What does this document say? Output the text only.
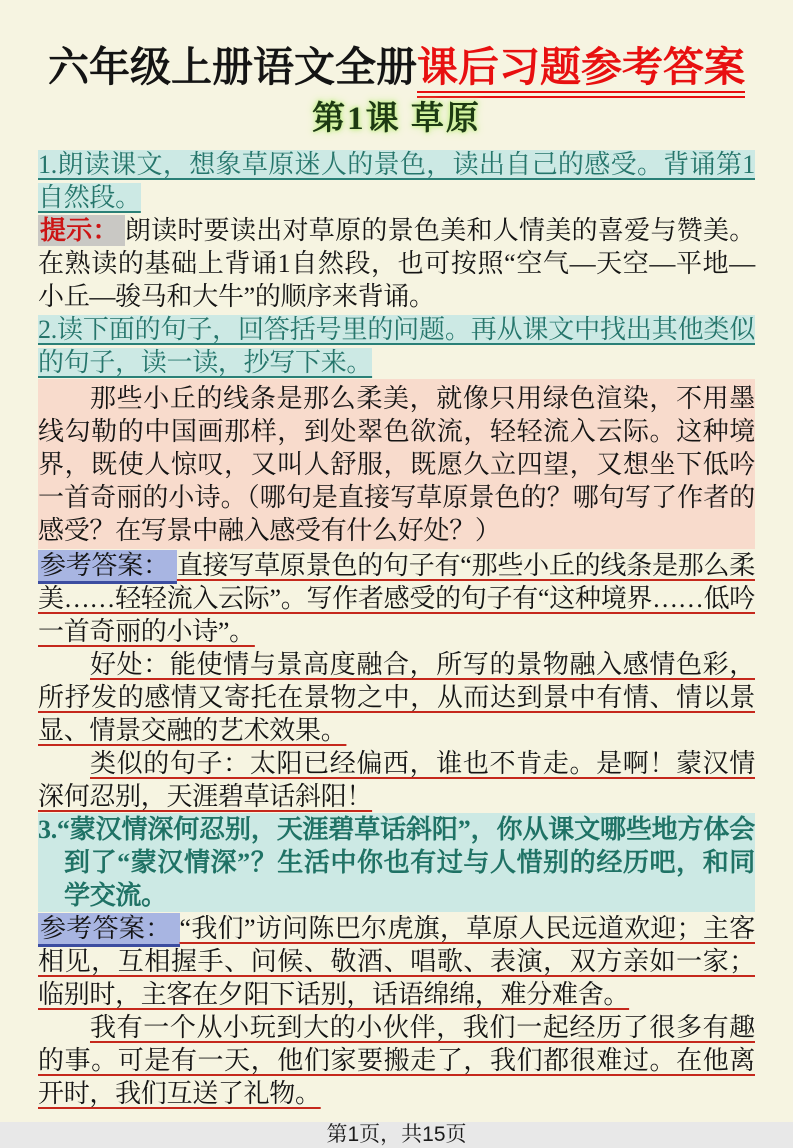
六年级上册语文全册课后习题参考答案
第1课 草原

1.朗读课文，想象草原迷人的景色，读出自己的感受。背诵第1自然段。

提示： 朗读时要读出对草原的景色美和人情美的喜爱与赞美。在熟读的基础上背诵1自然段，也可按照“空气—天空—平地—小丘—骏马和大牛”的顺序来背诵。

2.读下面的句子，回答括号里的问题。再从课文中找出其他类似的句子，读一读，抄写下来。

那些小丘的线条是那么柔美，就像只用绿色渲染，不用墨线勾勒的中国画那样，到处翠色欲流，轻轻流入云际。这种境界，既使人惊叹，又叫人舒服，既愿久立四望，又想坐下低吟一首奇丽的小诗。（哪句是直接写草原景色的？哪句写了作者的感受？在写景中融入感受有什么好处？）

参考答案： 直接写草原景色的句子有“那些小丘的线条是那么柔美……轻轻流入云际”。写作者感受的句子有“这种境界……低吟一首奇丽的小诗”。

好处：能使情与景高度融合，所写的景物融入感情色彩，所抒发的感情又寄托在景物之中，从而达到景中有情、情以景显、情景交融的艺术效果。

类似的句子：太阳已经偏西，谁也不肯走。是啊！蒙汉情深何忍别，天涯碧草话斜阳！

3.“蒙汉情深何忍别，天涯碧草话斜阳”，你从课文哪些地方体会到了“蒙汉情深”？生活中你也有过与人惜别的经历吧，和同学交流。

参考答案： “我们”访问陈巴尔虎旗，草原人民远道欢迎；主客相见，互相握手、问候、敬酒、唱歌、表演，双方亲如一家；临别时，主客在夕阳下话别，话语绵绵，难分难舍。

我有一个从小玩到大的小伙伴，我们一起经历了很多有趣的事。可是有一天，他们家要搬走了，我们都很难过。在他离开时，我们互送了礼物。

第1页，共15页
